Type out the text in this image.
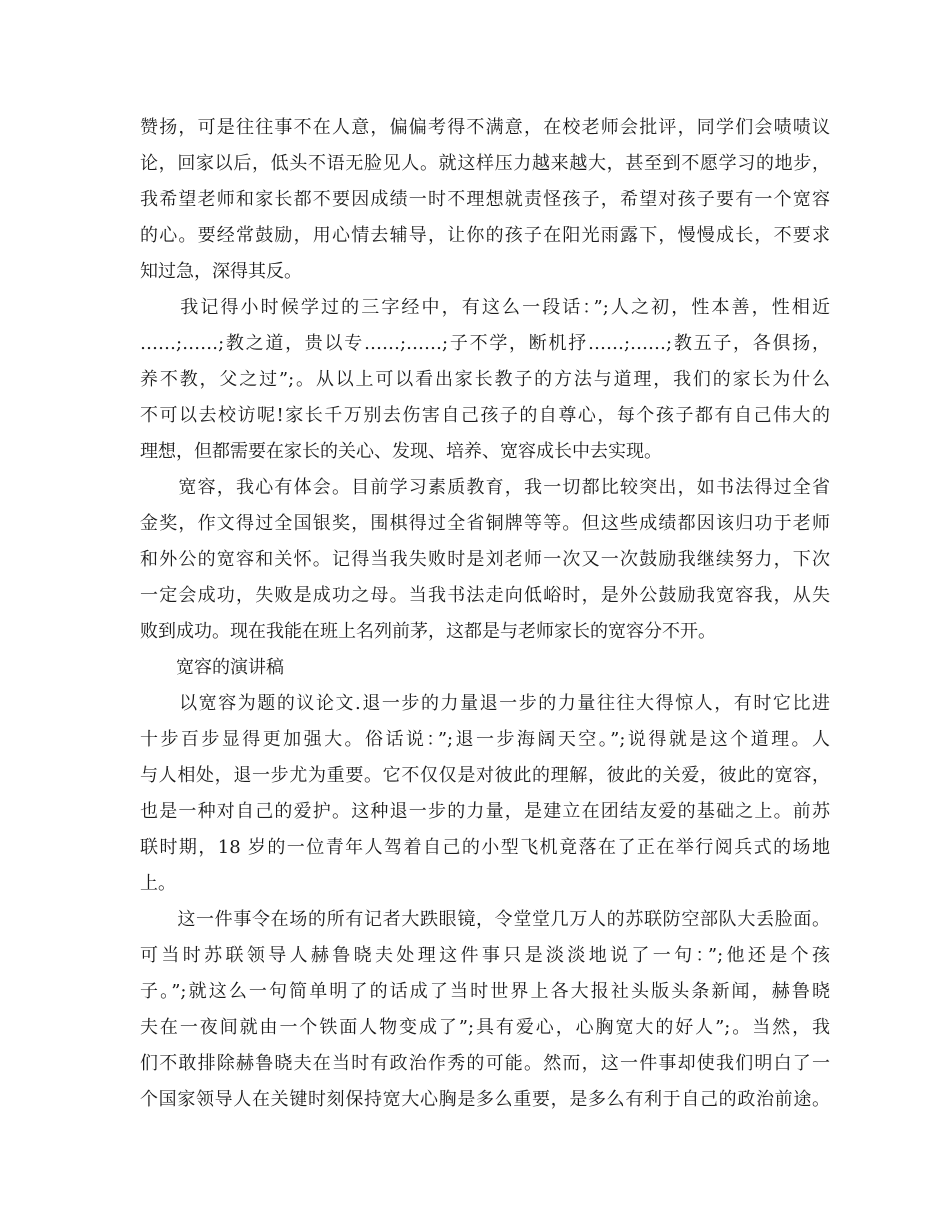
赞扬，可是往往事不在人意，偏偏考得不满意，在校老师会批评，同学们会啧啧议
论，回家以后，低头不语无脸见人。就这样压力越来越大，甚至到不愿学习的地步，
我希望老师和家长都不要因成绩一时不理想就责怪孩子，希望对孩子要有一个宽容
的心。要经常鼓励，用心情去辅导，让你的孩子在阳光雨露下，慢慢成长，不要求
知过急，深得其反。
　　我记得小时候学过的三字经中，有这么一段话：”;人之初，性本善，性相近
……;……;教之道，贵以专……;……;子不学，断机抒……;……;教五子，各俱扬，
养不教，父之过”;。从以上可以看出家长教子的方法与道理，我们的家长为什么
不可以去校访呢!家长千万别去伤害自己孩子的自尊心，每个孩子都有自己伟大的
理想，但都需要在家长的关心、发现、培养、宽容成长中去实现。
　　宽容，我心有体会。目前学习素质教育，我一切都比较突出，如书法得过全省
金奖，作文得过全国银奖，围棋得过全省铜牌等等。但这些成绩都因该归功于老师
和外公的宽容和关怀。记得当我失败时是刘老师一次又一次鼓励我继续努力，下次
一定会成功，失败是成功之母。当我书法走向低峪时，是外公鼓励我宽容我，从失
败到成功。现在我能在班上名列前茅，这都是与老师家长的宽容分不开。
　　宽容的演讲稿
　　以宽容为题的议论文.退一步的力量退一步的力量往往大得惊人，有时它比进
十步百步显得更加强大。俗话说：”;退一步海阔天空。”;说得就是这个道理。人
与人相处，退一步尤为重要。它不仅仅是对彼此的理解，彼此的关爱，彼此的宽容，
也是一种对自己的爱护。这种退一步的力量，是建立在团结友爱的基础之上。前苏
联时期，18 岁的一位青年人驾着自己的小型飞机竟落在了正在举行阅兵式的场地
上。
　　这一件事令在场的所有记者大跌眼镜，令堂堂几万人的苏联防空部队大丢脸面。
可当时苏联领导人赫鲁晓夫处理这件事只是淡淡地说了一句：”;他还是个孩
子。”;就这么一句简单明了的话成了当时世界上各大报社头版头条新闻，赫鲁晓
夫在一夜间就由一个铁面人物变成了”;具有爱心，心胸宽大的好人”;。当然，我
们不敢排除赫鲁晓夫在当时有政治作秀的可能。然而，这一件事却使我们明白了一
个国家领导人在关键时刻保持宽大心胸是多么重要，是多么有利于自己的政治前途。
